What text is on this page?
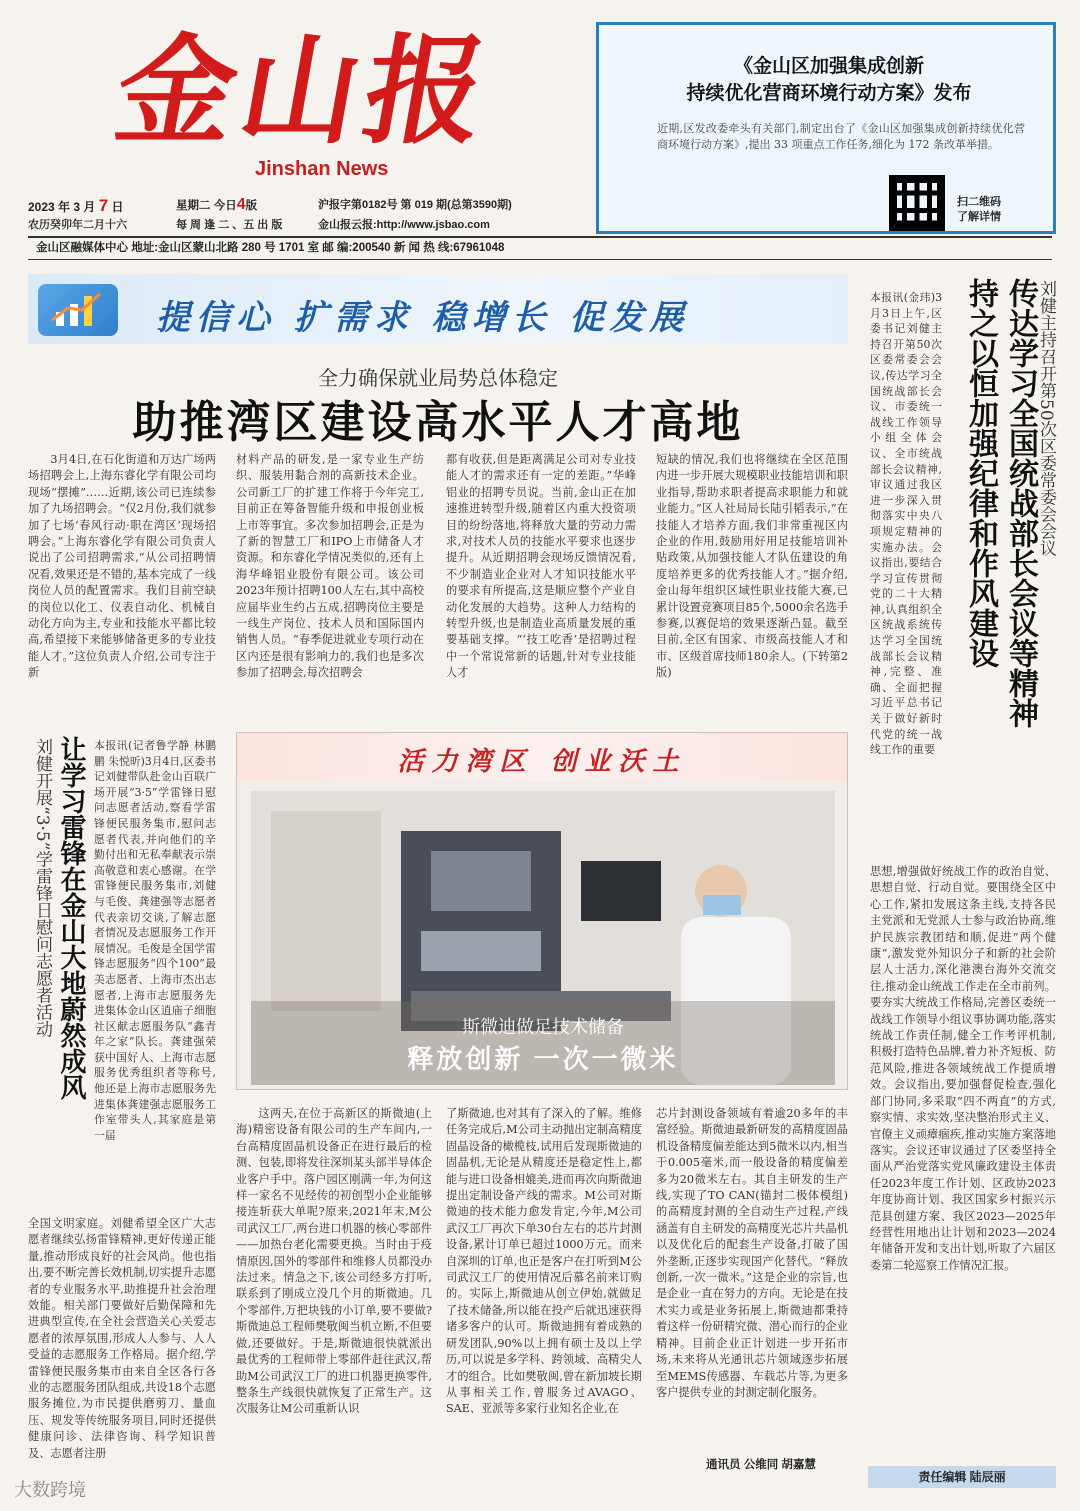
金山报
Jinshan News
2023 年 3 月 7 日
农历癸卯年二月十六
星期二 今日4版
每 周 逢 二 、五 出 版
沪报字第0182号 第 019 期(总第3590期)
金山报云报:http://www.jsbao.com
金山区融媒体中心 地址:金山区蒙山北路 280 号 1701 室 邮 编:200540 新 闻 热 线:67961048
《金山区加强集成创新
持续优化营商环境行动方案》发布
近期,区发改委牵头有关部门,制定出台了《金山区加强集成创新持续优化营商环境行动方案》,提出 33 项重点工作任务,细化为 172 条改革举措。
扫二维码
了解详情
提信心 扩需求 稳增长 促发展
全力确保就业局势总体稳定
助推湾区建设高水平人才高地

3月4日,在石化街道和万达广场两场招聘会上,上海东睿化学有限公司均现场“摆摊”……近期,该公司已连续参加了九场招聘会。“仅2月份,我们就参加了七场‘春风行动·职在湾区’现场招聘会。”上海东睿化学有限公司负责人说出了公司招聘需求,“从公司招聘情况看,效果还是不错的,基本完成了一线岗位人员的配置需求。我们目前空缺的岗位以化工、仪表自动化、机械自动化方向为主,专业和技能水平都比较高,希望接下来能够储备更多的专业技能人才。”这位负责人介绍,公司专注于新

材料产品的研发,是一家专业生产纺织、服装用黏合剂的高新技术企业。公司新工厂的扩建工作将于今年完工,目前正在筹备智能升级和申报创业板上市等事宜。多次参加招聘会,正是为了新的智慧工厂和IPO上市储备人才资源。和东睿化学情况类似的,还有上海华峰铝业股份有限公司。该公司2023年预计招聘100人左右,其中高校应届毕业生约占五成,招聘岗位主要是一线生产岗位、技术人员和国际国内销售人员。“春季促进就业专项行动在区内还是很有影响力的,我们也是多次参加了招聘会,每次招聘会

都有收获,但是距离满足公司对专业技能人才的需求还有一定的差距。”华峰铝业的招聘专员说。当前,金山正在加速推进转型升级,随着区内重大投资项目的纷纷落地,将释放大量的劳动力需求,对技术人员的技能水平要求也逐步提升。从近期招聘会现场反馈情况看,不少制造业企业对人才知识技能水平的要求有所提高,这是顺应整个产业自动化发展的大趋势。这种人力结构的转型升级,也是制造业高质量发展的重要基础支撑。“‘技工吃香’是招聘过程中一个常说常新的话题,针对专业技能人才

短缺的情况,我们也将继续在全区范围内进一步开展大规模职业技能培训和职业指导,帮助求职者提高求职能力和就业能力。”区人社局局长陆引韬表示,“在技能人才培养方面,我们非常重视区内企业的作用,鼓励用好用足技能培训补贴政策,从加强技能人才队伍建设的角度培养更多的优秀技能人才。”据介绍,金山每年组织区域性职业技能大赛,已累计设置竞赛项目85个,5000余名选手参赛,以赛促培的效果逐渐凸显。截至目前,全区有国家、市级高技能人才和市、区级首席技师180余人。(下转第2版)

刘健主持召开第50次区委常委会会议
传达学习全国统战部长会议等精神
持之以恒加强纪律和作风建设

本报讯(金玮)3月3日上午,区委书记刘健主持召开第50次区委常委会会议,传达学习全国统战部长会议、市委统一战线工作领导小组全体会议、全市统战部长会议精神,审议通过我区进一步深入贯彻落实中央八项规定精神的实施办法。会议指出,要结合学习宣传贯彻党的二十大精神,认真组织全区统战系统传达学习全国统战部长会议精神,完整、准确、全面把握习近平总书记关于做好新时代党的统一战线工作的重要

思想,增强做好统战工作的政治自觉、思想自觉、行动自觉。要围绕全区中心工作,紧扣发展这条主线,支持各民主党派和无党派人士参与政治协商,维护民族宗教团结和顺,促进“两个健康”,激发党外知识分子和新的社会阶层人士活力,深化港澳台海外交流交往,推动金山统战工作走在全市前列。要夯实大统战工作格局,完善区委统一战线工作领导小组议事协调功能,落实统战工作责任制,健全工作考评机制,积极打造特色品牌,着力补齐短板、防范风险,推进各领域统战工作提质增效。会议指出,要加强督促检查,强化部门协同,多采取“四不两直”的方式,察实情、求实效,坚决整治形式主义、官僚主义顽瘴痼疾,推动实施方案落地落实。会议还审议通过了区委坚持全面从严治党落实党风廉政建设主体责任2023年度工作计划、区政协2023年度协商计划、我区国家乡村振兴示范县创建方案、我区2023—2025年经营性用地出让计划和2023—2024年储备开发和支出计划,听取了六届区委第二轮巡察工作情况汇报。

刘健开展“3·5”学雷锋日慰问志愿者活动 让学习雷锋在金山大地蔚然成风 本报讯(记者鲁学静 林鹏鹏 朱悦昕)3月4日,区委书记刘健带队赴金山百联广场开展“3·5”学雷锋日慰问志愿者活动,察看学雷锋便民服务集市,慰问志愿者代表,并向他们的辛勤付出和无私奉献表示崇高敬意和衷心感谢。在学雷锋便民服务集市,刘健与毛俊、龚建强等志愿者代表亲切交谈,了解志愿者情况及志愿服务工作开展情况。毛俊是全国学雷锋志愿服务“四个100”最美志愿者、上海市杰出志愿者,上海市志愿服务先进集体金山区逍庙子细胞社区献志愿服务队“鑫青年之家”队长。龚建强荣获中国好人、上海市志愿服务优秀组织者等称号,他还是上海市志愿服务先进集体龚建强志愿服务工作室带头人,其家庭是第一届

全国文明家庭。刘健希望全区广大志愿者继续弘扬雷锋精神,更好传递正能量,推动形成良好的社会风尚。他也指出,要不断完善长效机制,切实提升志愿者的专业服务水平,助推提升社会治理效能。相关部门要做好后勤保障和先进典型宣传,在全社会营造关心关爱志愿者的浓厚氛围,形成人人参与、人人受益的志愿服务工作格局。据介绍,学雷锋便民服务集市由来自全区各行各业的志愿服务团队组成,共设18个志愿服务摊位,为市民提供磨剪刀、量血压、规发等传统服务项目,同时还提供健康问诊、法律咨询、科学知识普及、志愿者注册

活力湾区 创业沃土
斯微迪做足技术储备
释放创新 一次一微米

这两天,在位于高新区的斯微迪(上海)精密设备有限公司的生产车间内,一台高精度固晶机设备正在进行最后的检测、包装,即将发往深圳某头部半导体企业客户手中。落户园区刚满一年,为何这样一家名不见经传的初创型小企业能够接连斩获大单呢?原来,2021年末,M公司武汉工厂,两台进口机器的核心零部件——加热台老化需要更换。当时由于疫情原因,国外的零部件和维修人员都没办法过来。情急之下,该公司经多方打听,联系到了刚成立没几个月的斯微迪。几个零部件,万把块钱的小订单,要不要做?斯微迪总工程师樊敬闽当机立断,不但要做,还要做好。于是,斯微迪很快就派出最优秀的工程师带上零部件赶往武汉,帮助M公司武汉工厂的进口机器更换零件,整条生产线很快就恢复了正常生产。这次服务让M公司重新认识

了斯微迪,也对其有了深入的了解。维修任务完成后,M公司主动抛出定制高精度固晶设备的橄榄枝,试用后发现斯微迪的固晶机,无论是从精度还是稳定性上,都能与进口设备相媲美,进而再次向斯微迪提出定制设备产线的需求。M公司对斯微迪的技术能力愈发肯定,今年,M公司武汉工厂再次下单30台左右的芯片封测设备,累计订单已超过1000万元。而来自深圳的订单,也正是客户在打听到M公司武汉工厂的使用情况后慕名前来订购的。实际上,斯微迪从创立伊始,就做足了技术储备,所以能在投产后就迅速获得诸多客户的认可。斯微迪拥有着成熟的研发团队,90%以上拥有硕士及以上学历,可以说是多学科、跨领域、高精尖人才的组合。比如樊敬闽,曾在新加坡长期从事相关工作,曾服务过AVAGO、SAE、亚派等多家行业知名企业,在

芯片封测设备领域有着逾20多年的丰富经验。斯微迪最新研发的高精度固晶机设备精度偏差能达到5微米以内,相当于0.005毫米,而一般设备的精度偏差多为20微米左右。其自主研发的生产线,实现了TO CAN(锚封二极体模组)的高精度封测的全自动生产过程,产线涵盖有自主研发的高精度光芯片共晶机以及优化后的配套生产设备,打破了国外垄断,正逐步实现国产化替代。“释放创新,一次一微米。”这是企业的宗旨,也是企业一直在努力的方向。无论是在技术实力或是业务拓展上,斯微迪都秉持着这样一份研精究微、潜心而行的企业精神。目前企业正计划进一步开拓市场,未来将从光通讯芯片领域逐步拓展至MEMS传感器、车载芯片等,为更多客户提供专业的封测定制化服务。

通讯员 公维同 胡嘉慧
责任编辑 陆辰丽
大数跨境
